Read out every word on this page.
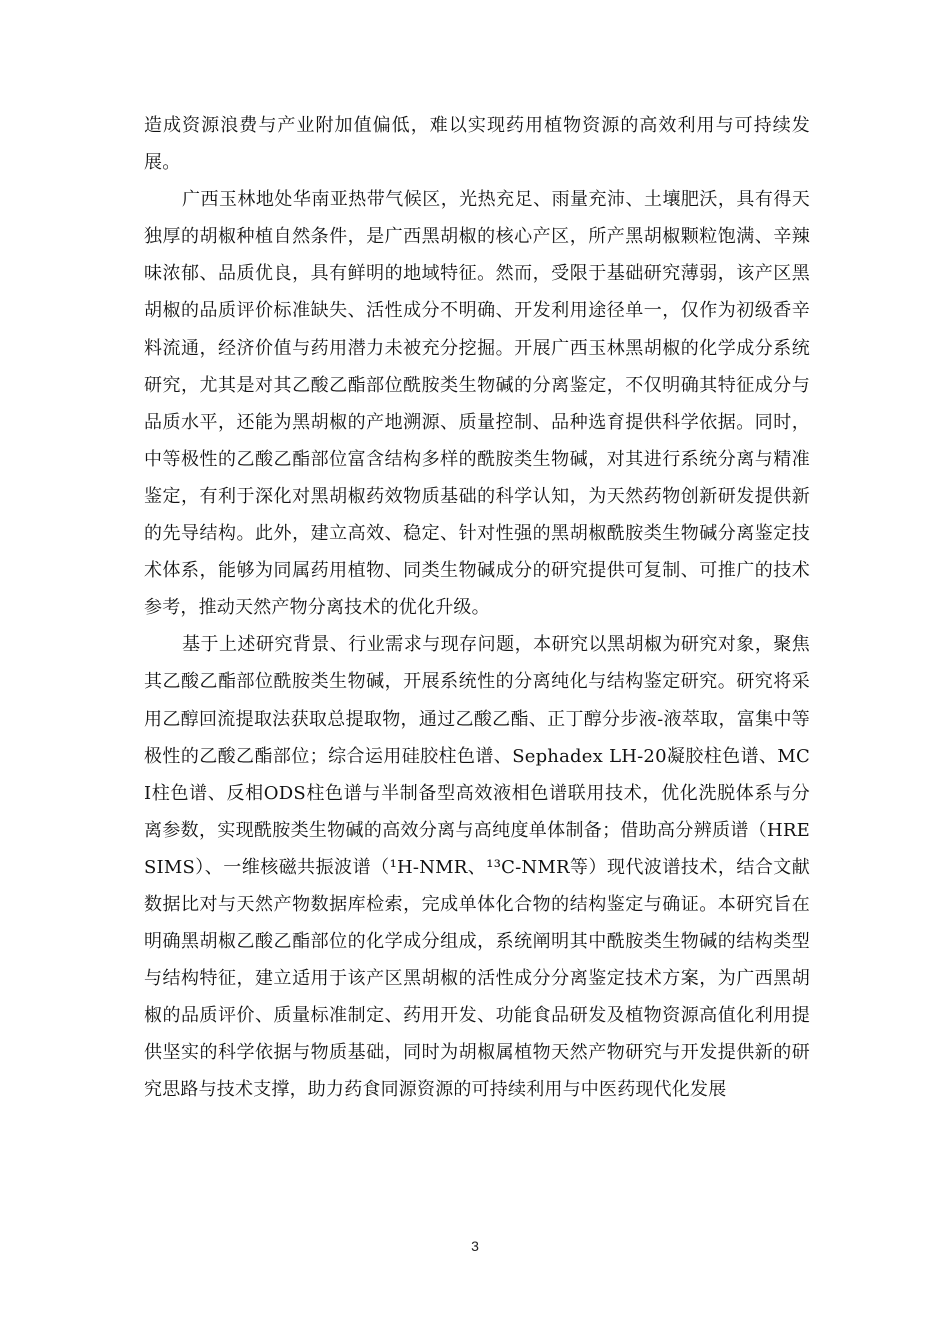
造成资源浪费与产业附加值偏低，难以实现药用植物资源的高效利用与可持续发展。

广西玉林地处华南亚热带气候区，光热充足、雨量充沛、土壤肥沃，具有得天独厚的胡椒种植自然条件，是广西黑胡椒的核心产区，所产黑胡椒颗粒饱满、辛辣味浓郁、品质优良，具有鲜明的地域特征。然而，受限于基础研究薄弱，该产区黑胡椒的品质评价标准缺失、活性成分不明确、开发利用途径单一，仅作为初级香辛料流通，经济价值与药用潜力未被充分挖掘。开展广西玉林黑胡椒的化学成分系统研究，尤其是对其乙酸乙酯部位酰胺类生物碱的分离鉴定，不仅明确其特征成分与品质水平，还能为黑胡椒的产地溯源、质量控制、品种选育提供科学依据。同时，中等极性的乙酸乙酯部位富含结构多样的酰胺类生物碱，对其进行系统分离与精准鉴定，有利于深化对黑胡椒药效物质基础的科学认知，为天然药物创新研发提供新的先导结构。此外，建立高效、稳定、针对性强的黑胡椒酰胺类生物碱分离鉴定技术体系，能够为同属药用植物、同类生物碱成分的研究提供可复制、可推广的技术参考，推动天然产物分离技术的优化升级。

基于上述研究背景、行业需求与现存问题，本研究以黑胡椒为研究对象，聚焦其乙酸乙酯部位酰胺类生物碱，开展系统性的分离纯化与结构鉴定研究。研究将采用乙醇回流提取法获取总提取物，通过乙酸乙酯、正丁醇分步液-液萃取，富集中等极性的乙酸乙酯部位；综合运用硅胶柱色谱、Sephadex LH-20凝胶柱色谱、MCI柱色谱、反相ODS柱色谱与半制备型高效液相色谱联用技术，优化洗脱体系与分离参数，实现酰胺类生物碱的高效分离与高纯度单体制备；借助高分辨质谱（HRESIMS）、一维核磁共振波谱（¹H-NMR、¹³C-NMR等）现代波谱技术，结合文献数据比对与天然产物数据库检索，完成单体化合物的结构鉴定与确证。本研究旨在明确黑胡椒乙酸乙酯部位的化学成分组成，系统阐明其中酰胺类生物碱的结构类型与结构特征，建立适用于该产区黑胡椒的活性成分分离鉴定技术方案，为广西黑胡椒的品质评价、质量标准制定、药用开发、功能食品研发及植物资源高值化利用提供坚实的科学依据与物质基础，同时为胡椒属植物天然产物研究与开发提供新的研究思路与技术支撑，助力药食同源资源的可持续利用与中医药现代化发展

3
